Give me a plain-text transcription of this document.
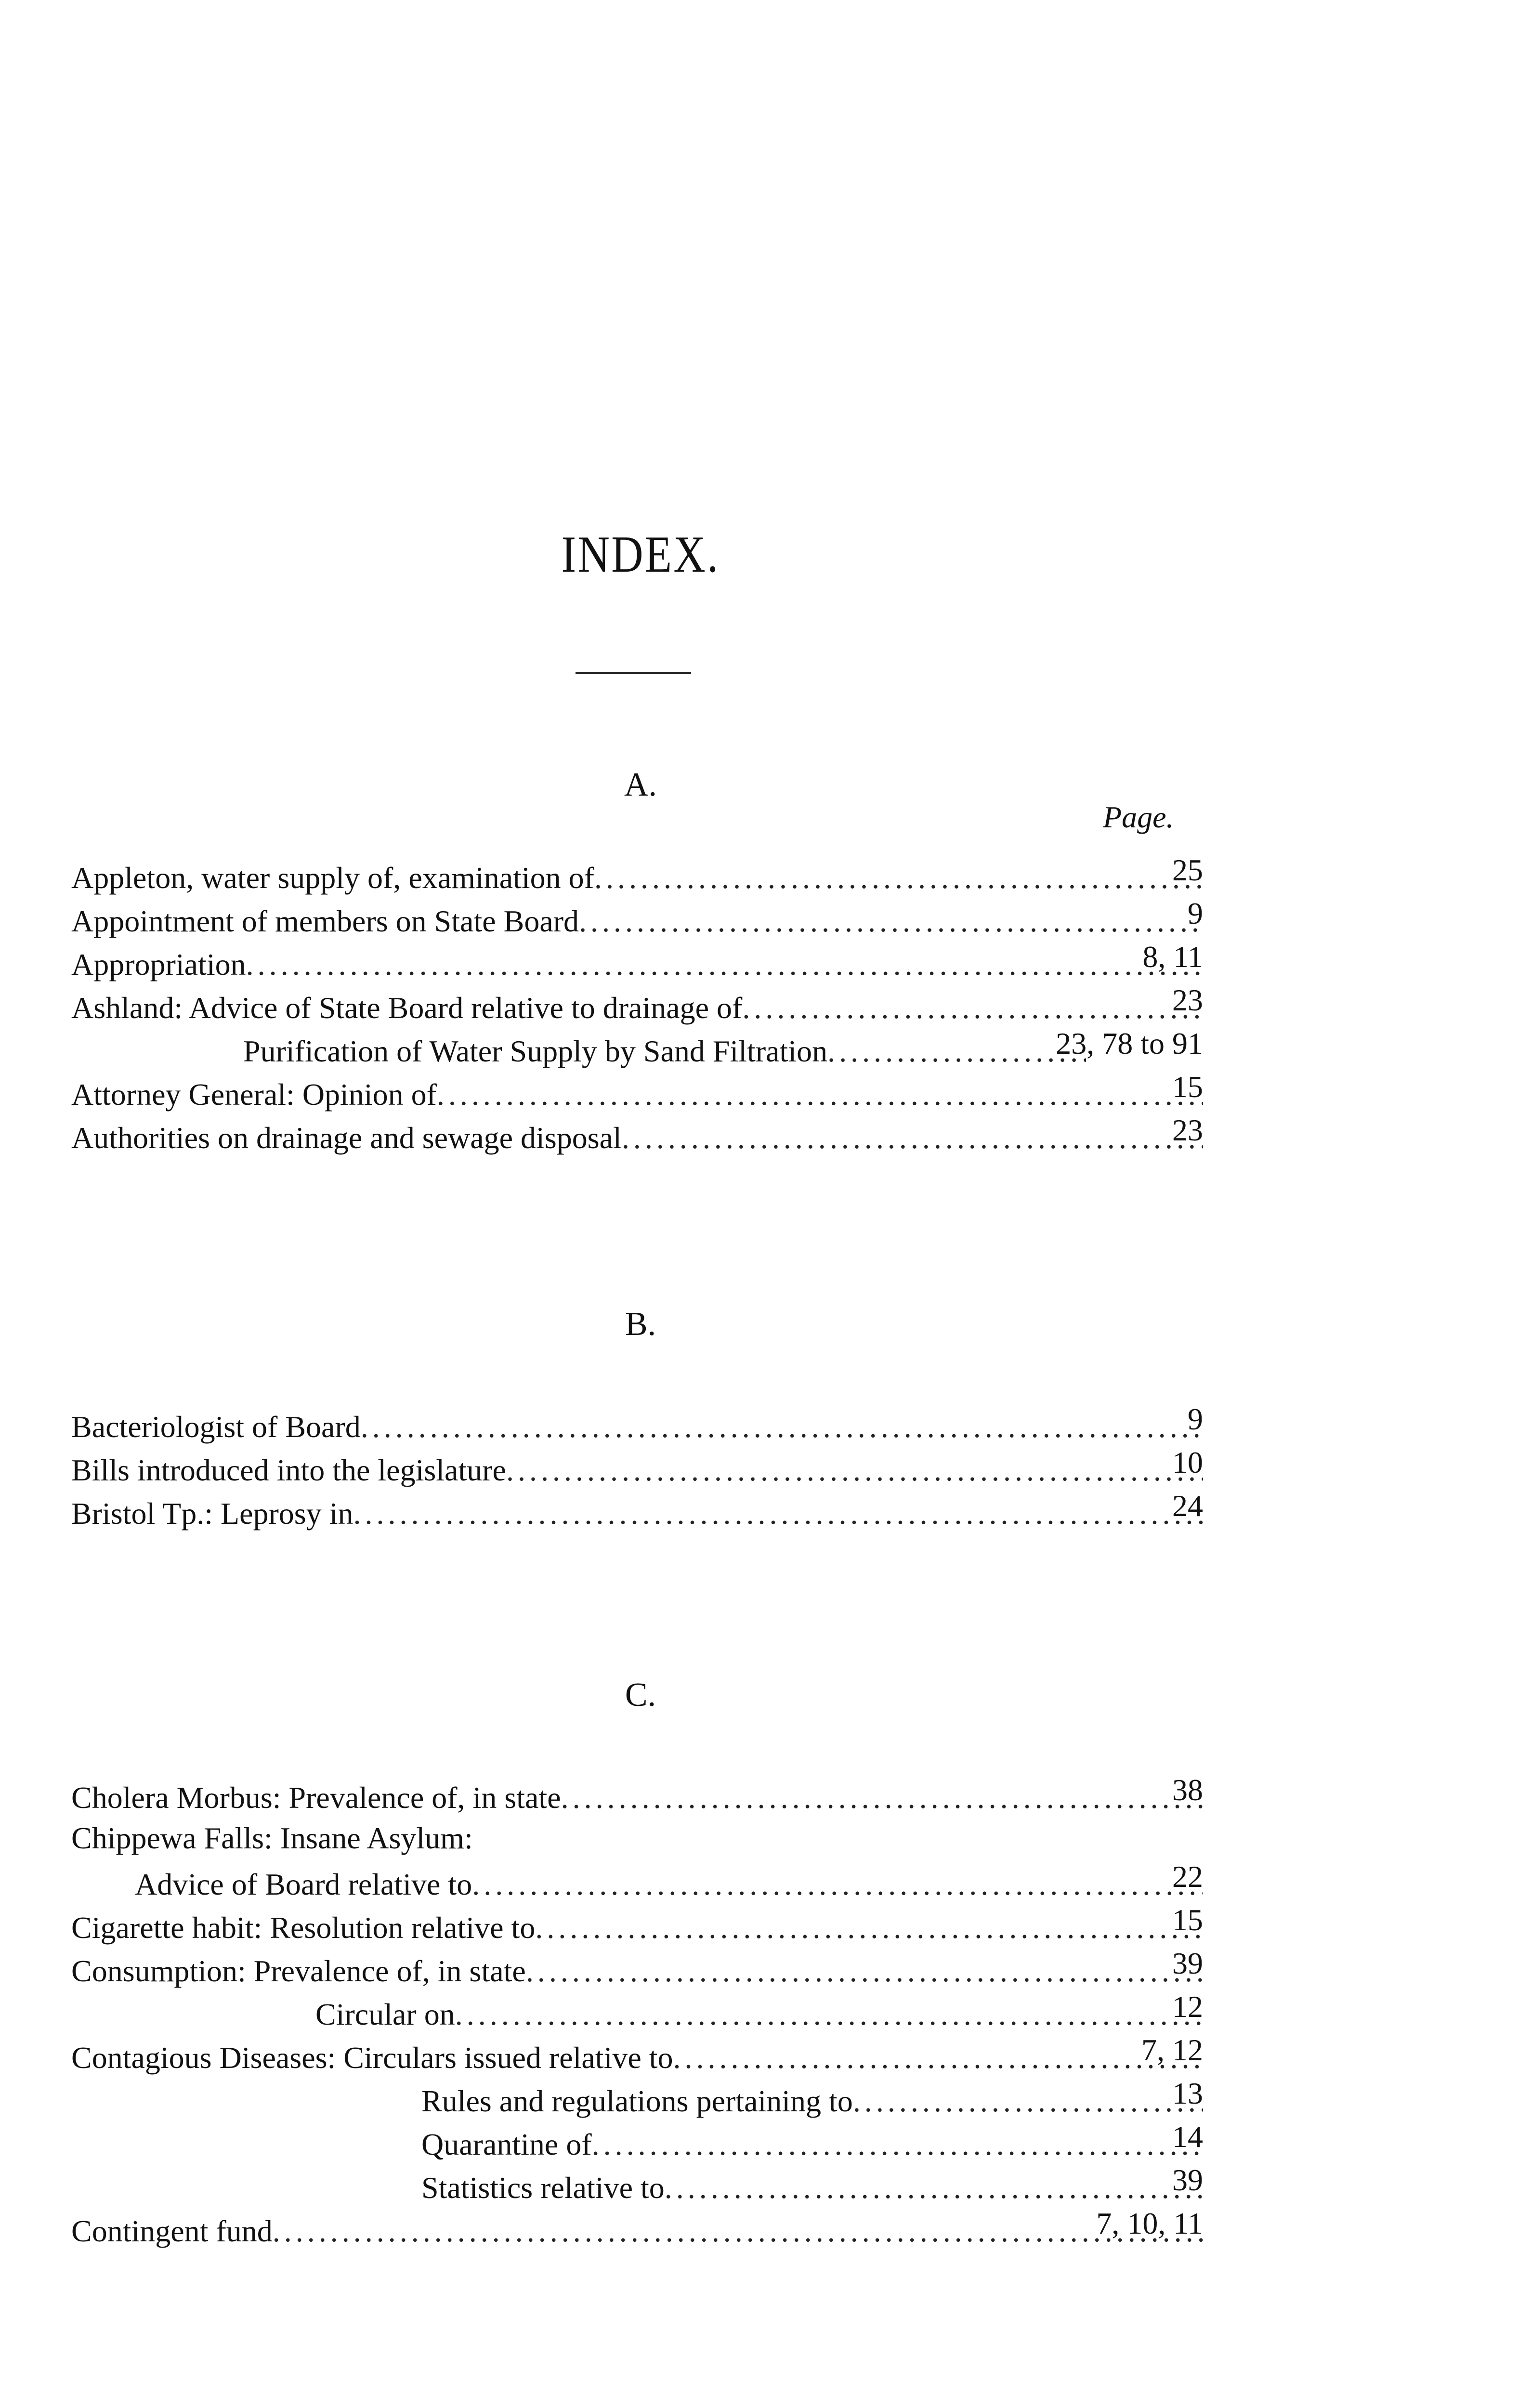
INDEX.
A.
Page.
Appleton, water supply of, examination of .....	25
Appointment of members on State Board .....	9
Appropriation .....	8, 11
Ashland: Advice of State Board relative to drainage of .....	23
Purification of Water Supply by Sand Filtration .....	23, 78 to 91
Attorney General: Opinion of .....	15
Authorities on drainage and sewage disposal .....	23
B.
Bacteriologist of Board .....	9
Bills introduced into the legislature .....	10
Bristol Tp.: Leprosy in .....	24
C.
Cholera Morbus: Prevalence of, in state .....	38
Chippewa Falls: Insane Asylum:
Advice of Board relative to .....	22
Cigarette habit: Resolution relative to .....	15
Consumption: Prevalence of, in state .....	39
Circular on .....	12
Contagious Diseases: Circulars issued relative to .....	7, 12
Rules and regulations pertaining to .....	13
Quarantine of .....	14
Statistics relative to .....	39
Contingent fund .....	7, 10, 11
